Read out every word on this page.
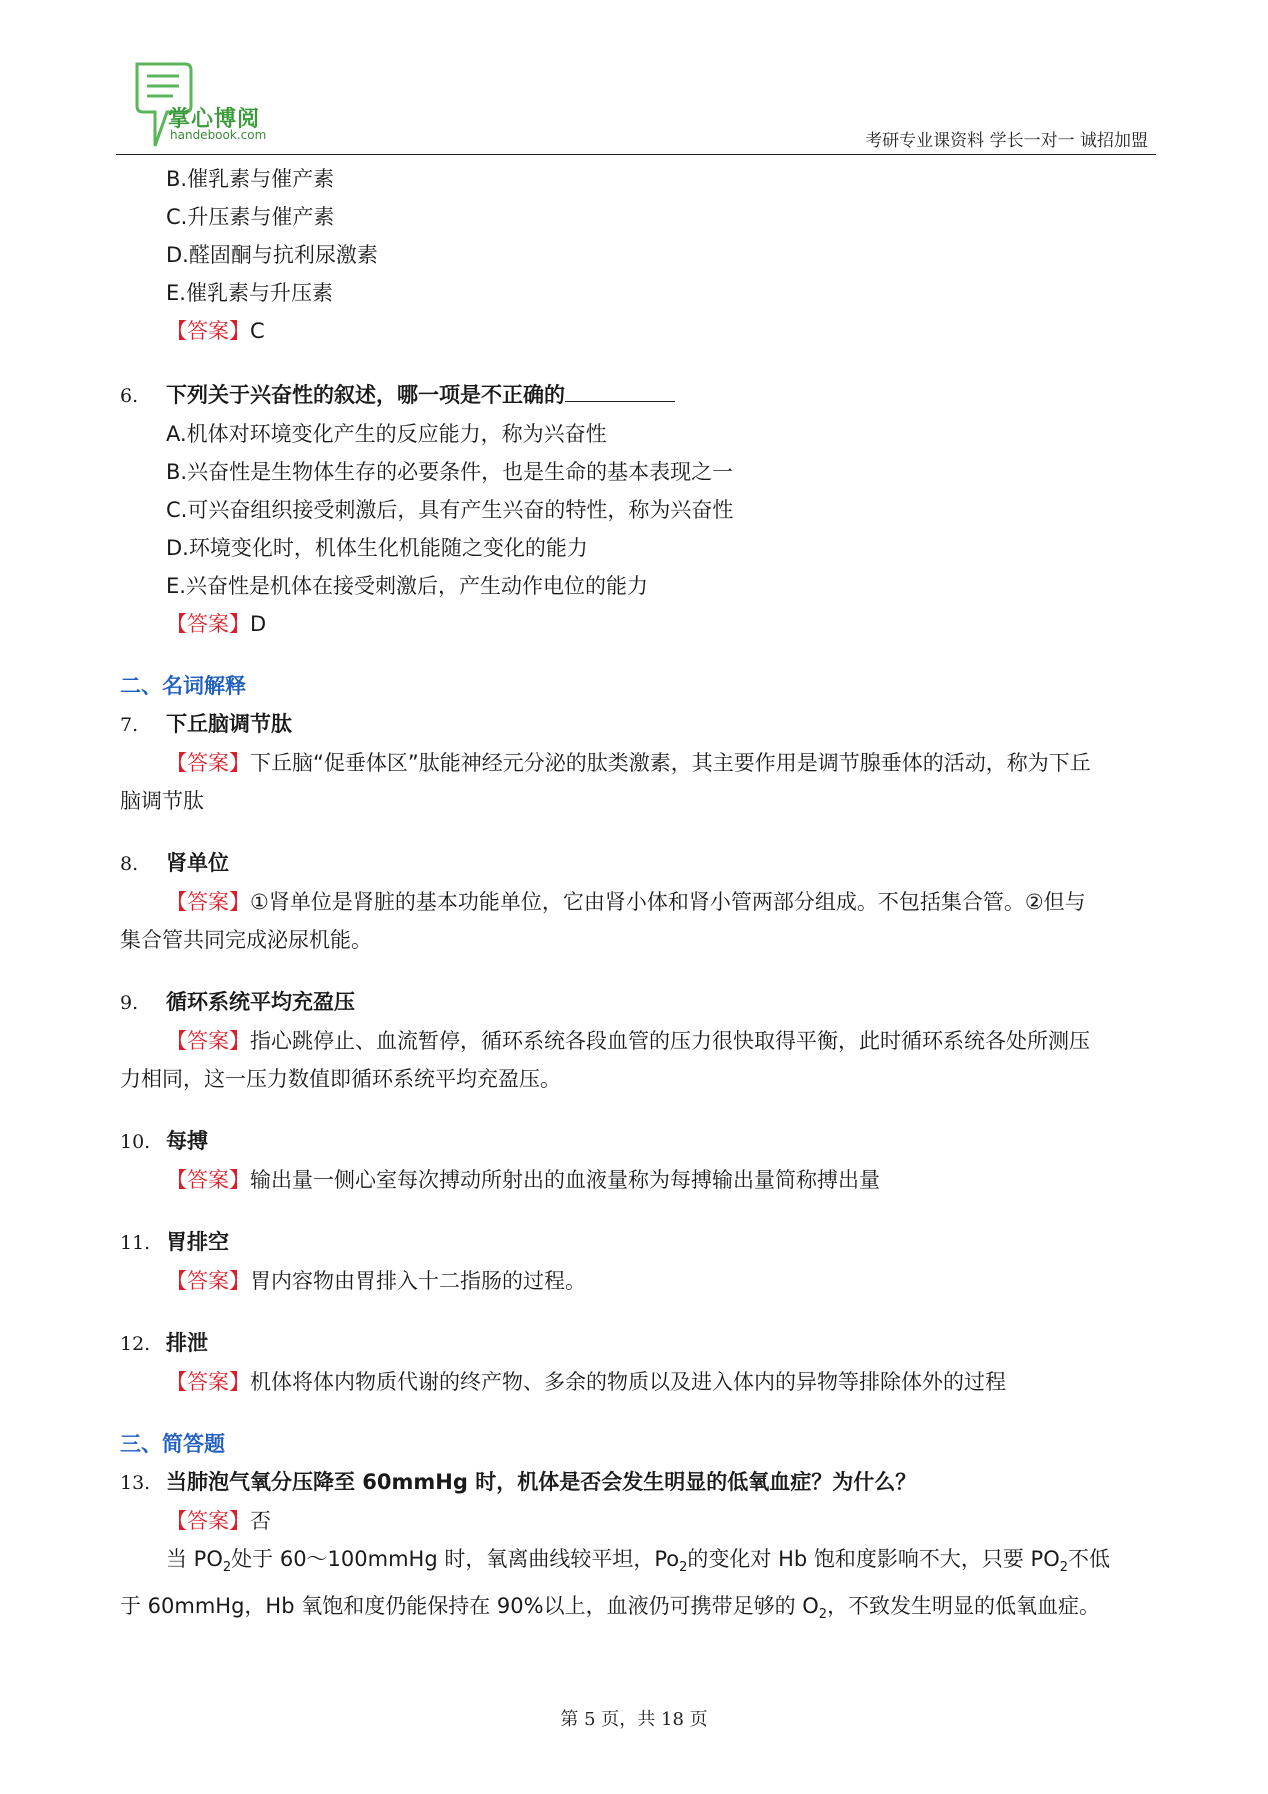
掌心博阅
handebook.com	考研专业课资料 学长一对一 诚招加盟
B.催乳素与催产素
C.升压素与催产素
D.醛固酮与抗利尿激素
E.催乳素与升压素
【答案】C
6. 下列关于兴奋性的叙述，哪一项是不正确的
A.机体对环境变化产生的反应能力，称为兴奋性
B.兴奋性是生物体生存的必要条件，也是生命的基本表现之一
C.可兴奋组织接受刺激后，具有产生兴奋的特性，称为兴奋性
D.环境变化时，机体生化机能随之变化的能力
E.兴奋性是机体在接受刺激后，产生动作电位的能力
【答案】D
二、名词解释
7. 下丘脑调节肽
【答案】下丘脑“促垂体区”肽能神经元分泌的肽类激素，其主要作用是调节腺垂体的活动，称为下丘
脑调节肽
8. 肾单位
【答案】①肾单位是肾脏的基本功能单位，它由肾小体和肾小管两部分组成。不包括集合管。②但与
集合管共同完成泌尿机能。
9. 循环系统平均充盈压
【答案】指心跳停止、血流暂停，循环系统各段血管的压力很快取得平衡，此时循环系统各处所测压
力相同，这一压力数值即循环系统平均充盈压。
10. 每搏
【答案】输出量一侧心室每次搏动所射出的血液量称为每搏输出量简称搏出量
11. 胃排空
【答案】胃内容物由胃排入十二指肠的过程。
12. 排泄
【答案】机体将体内物质代谢的终产物、多余的物质以及进入体内的异物等排除体外的过程
三、简答题
13. 当肺泡气氧分压降至 60mmHg 时，机体是否会发生明显的低氧血症？为什么？
【答案】否
当 $PO_2$处于 60～100mmHg 时，氧离曲线较平坦，$Po_2$的变化对 Hb 饱和度影响不大，只要 $PO_2$不低
于 60mmHg，Hb 氧饱和度仍能保持在 90%以上，血液仍可携带足够的 $O_2$，不致发生明显的低氧血症。
第 5 页，共 18 页
